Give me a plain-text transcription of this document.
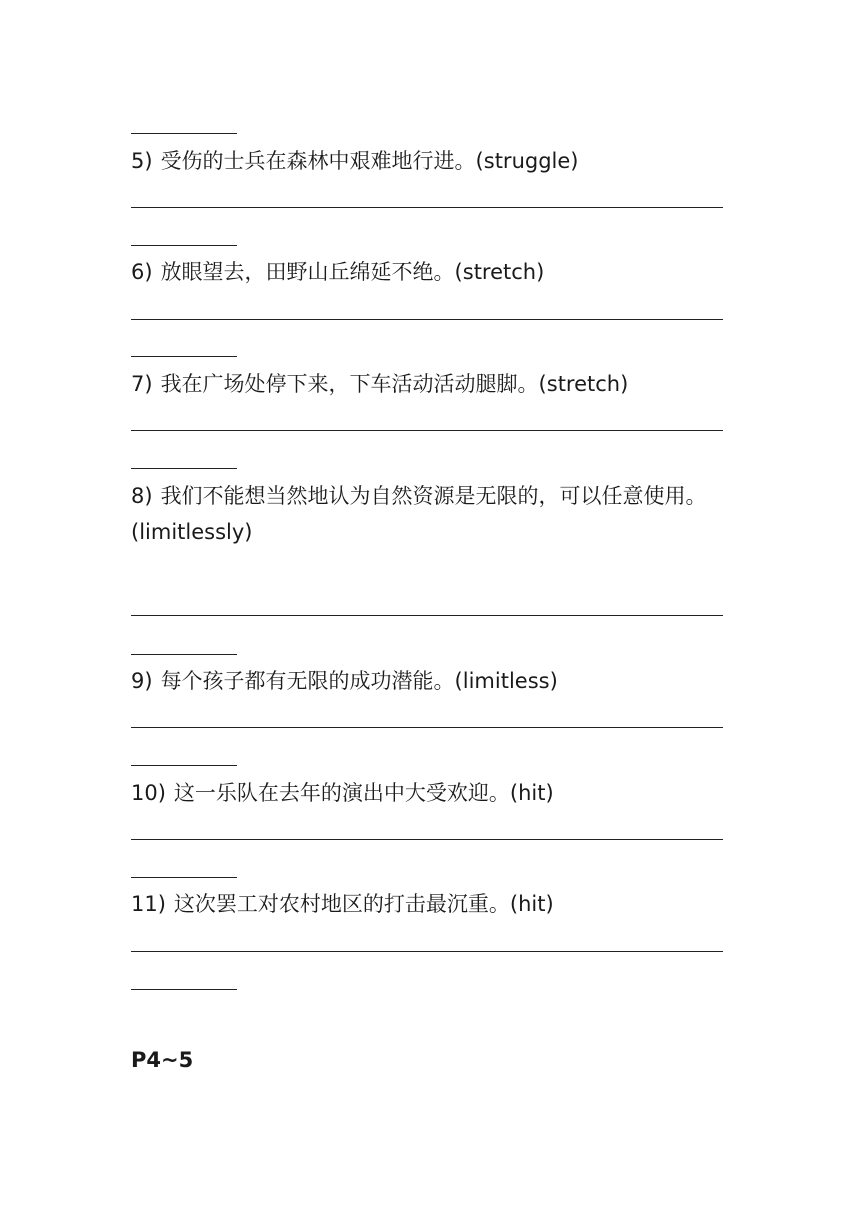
5) 受伤的士兵在森林中艰难地行进。(struggle)
6) 放眼望去，田野山丘绵延不绝。(stretch)
7) 我在广场处停下来，下车活动活动腿脚。(stretch)
8) 我们不能想当然地认为自然资源是无限的，可以任意使用。
(limitlessly)
9) 每个孩子都有无限的成功潜能。(limitless)
10) 这一乐队在去年的演出中大受欢迎。(hit)
11) 这次罢工对农村地区的打击最沉重。(hit)
P4~5
